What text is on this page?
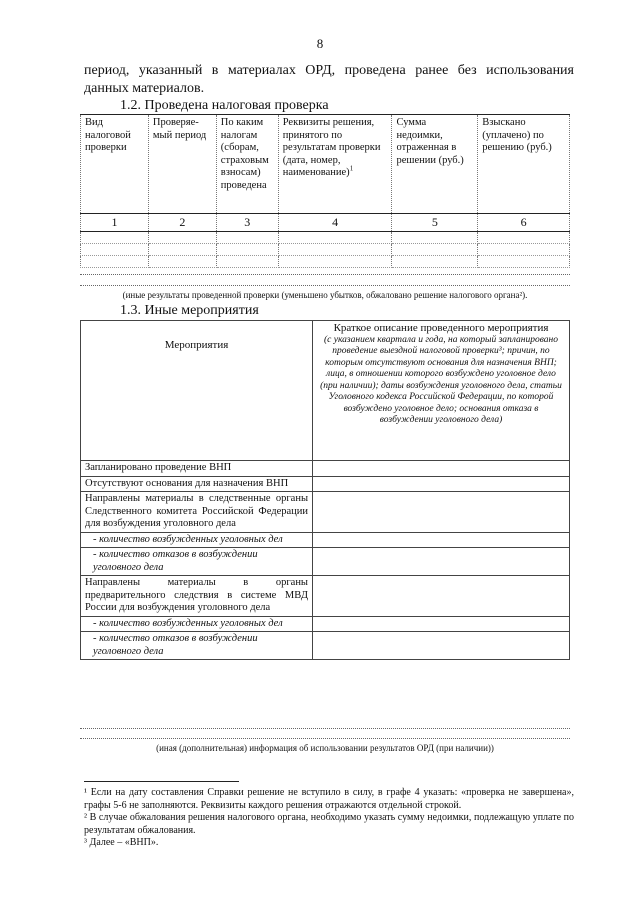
8
период, указанный в материалах ОРД, проведена ранее без использования данных материалов.
1.2. Проведена налоговая проверка
Вид налоговой проверки	Проверяе-мый период	По каким налогам (сборам, страховым взносам) проведена	Реквизиты решения, принятого по результатам проверки (дата, номер, наименование)$^1$	Сумма недоимки, отраженная в решении (руб.)	Взыскано (уплачено) по решению (руб.)
1	2	3	4	5	6

(иные результаты проведенной проверки (уменьшено убытков, обжаловано решение налогового органа²).
1.3. Иные мероприятия
Мероприятия	Краткое описание проведенного мероприятия
(с указанием квартала и года, на который запланировано проведение выездной налоговой проверки³; причин, по которым отсутствуют основания для назначения ВНП; лица, в отношении которого возбуждено уголовное дело (при наличии); даты возбуждения уголовного дела, статьи Уголовного кодекса Российской Федерации, по которой возбуждено уголовное дело; основания отказа в возбуждении уголовного дела)

Запланировано проведение ВНП	
Отсутствуют основания для назначения ВНП	
Направлены материалы в следственные органы Следственного комитета Российской Федерации для возбуждения уголовного дела	
- количество возбужденных уголовных дел	
- количество отказов в возбуждении уголовного дела	
Направлены материалы в органы предварительного следствия в системе МВД России для возбуждения уголовного дела	
- количество возбужденных уголовных дел	
- количество отказов в возбуждении уголовного дела	
(иная (дополнительная) информация об использовании результатов ОРД (при наличии))

¹ Если на дату составления Справки решение не вступило в силу, в графе 4 указать: «проверка не завершена», графы 5-6 не заполняются. Реквизиты каждого решения отражаются отдельной строкой.

² В случае обжалования решения налогового органа, необходимо указать сумму недоимки, подлежащую уплате по результатам обжалования.

³ Далее – «ВНП».
